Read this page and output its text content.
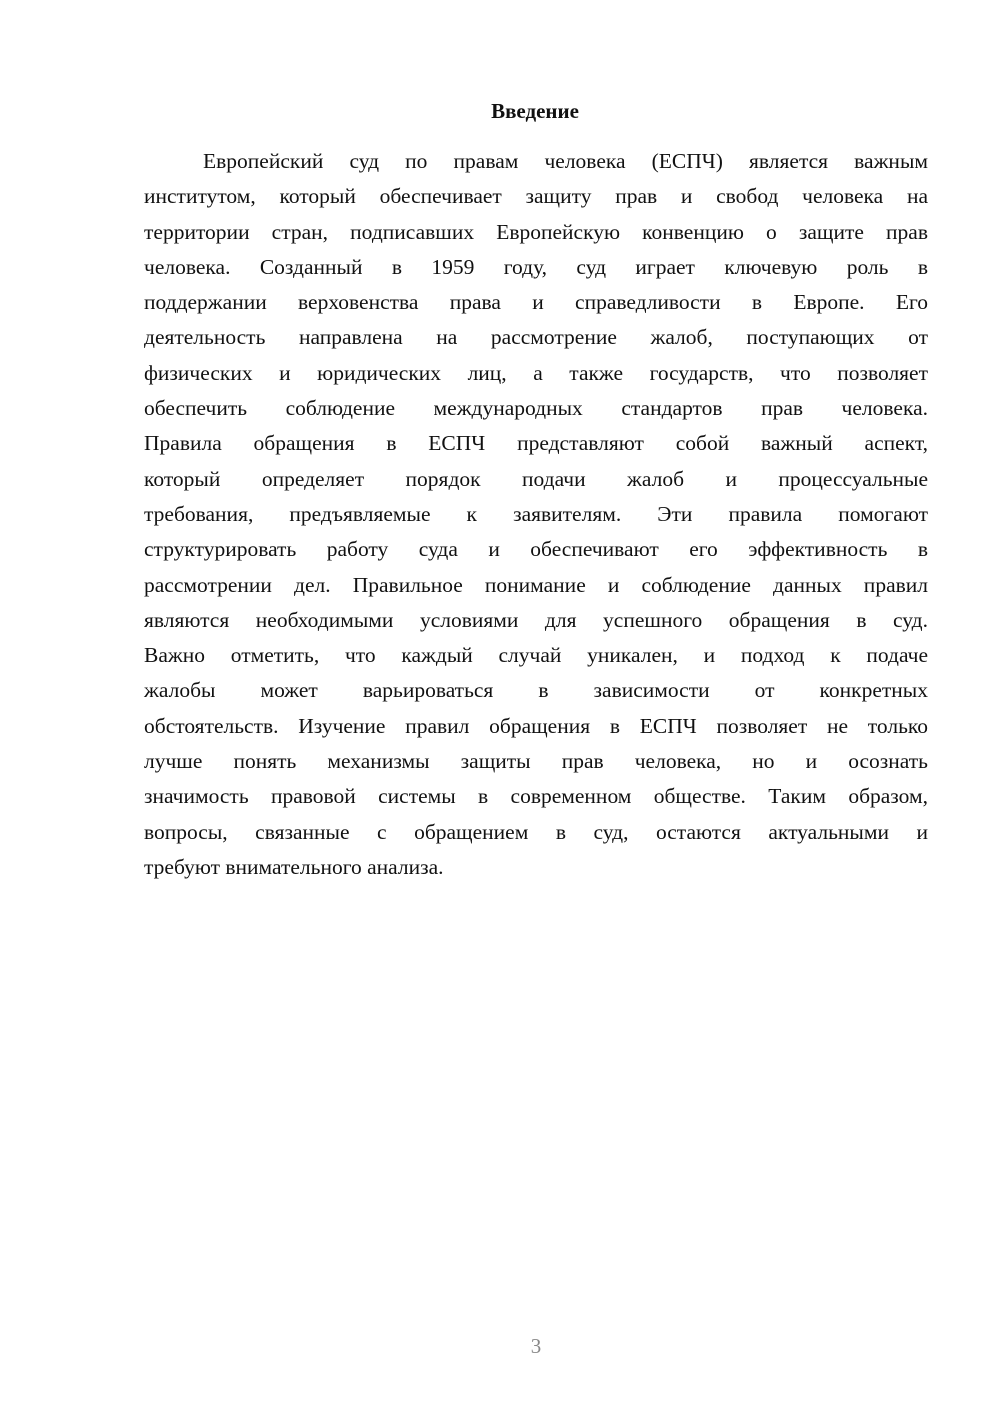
Введение

Европейский суд по правам человека (ЕСПЧ) является важным
институтом, который обеспечивает защиту прав и свобод человека на
территории стран, подписавших Европейскую конвенцию о защите прав
человека. Созданный в 1959 году, суд играет ключевую роль в
поддержании верховенства права и справедливости в Европе. Его
деятельность направлена на рассмотрение жалоб, поступающих от
физических и юридических лиц, а также государств, что позволяет
обеспечить соблюдение международных стандартов прав человека.
Правила обращения в ЕСПЧ представляют собой важный аспект,
который определяет порядок подачи жалоб и процессуальные
требования, предъявляемые к заявителям. Эти правила помогают
структурировать работу суда и обеспечивают его эффективность в
рассмотрении дел. Правильное понимание и соблюдение данных правил
являются необходимыми условиями для успешного обращения в суд.
Важно отметить, что каждый случай уникален, и подход к подаче
жалобы может варьироваться в зависимости от конкретных
обстоятельств. Изучение правил обращения в ЕСПЧ позволяет не только
лучше понять механизмы защиты прав человека, но и осознать
значимость правовой системы в современном обществе. Таким образом,
вопросы, связанные с обращением в суд, остаются актуальными и
требуют внимательного анализа.

3
